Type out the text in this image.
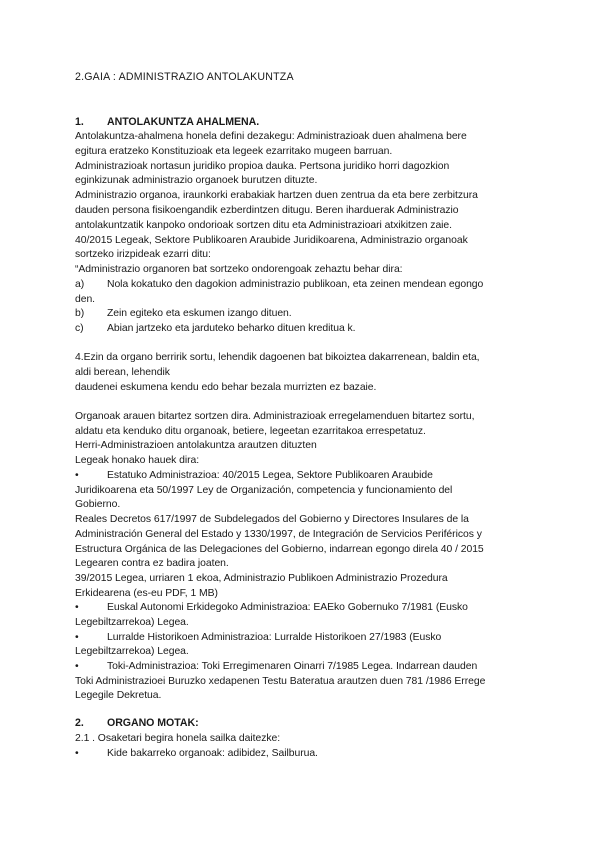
2.GAIA : ADMINISTRAZIO ANTOLAKUNTZA
1. ANTOLAKUNTZA AHALMENA.
Antolakuntza-ahalmena honela defini dezakegu: Administrazioak duen ahalmena bere
egitura eratzeko Konstituzioak eta legeek ezarritako mugeen barruan.
Administrazioak nortasun juridiko propioa dauka. Pertsona juridiko horri dagozkion
eginkizunak administrazio organoek burutzen dituzte.
Administrazio organoa, iraunkorki erabakiak hartzen duen zentrua da eta bere zerbitzura
dauden persona fisikoengandik ezberdintzen ditugu. Beren iharduerak Administrazio
antolakuntzatik kanpoko ondorioak sortzen ditu eta Administrazioari atxikitzen zaie.
40/2015 Legeak, Sektore Publikoaren Araubide Juridikoarena, Administrazio organoak
sortzeko irizpideak ezarri ditu:
“Administrazio organoren bat sortzeko ondorengoak zehaztu behar dira:
a) Nola kokatuko den dagokion administrazio publikoan, eta zeinen mendean egongo
den.
b) Zein egiteko eta eskumen izango dituen.
c) Abian jartzeko eta jarduteko beharko dituen kreditua k.
4.Ezin da organo berririk sortu, lehendik dagoenen bat bikoiztea dakarrenean, baldin eta,
aldi berean, lehendik
daudenei eskumena kendu edo behar bezala murrizten ez bazaie.
Organoak arauen bitartez sortzen dira. Administrazioak erregelamenduen bitartez sortu,
aldatu eta kenduko ditu organoak, betiere, legeetan ezarritakoa errespetatuz.
Herri-Administrazioen antolakuntza arautzen dituzten
Legeak honako hauek dira:
•	Estatuko Administrazioa: 40/2015 Legea, Sektore Publikoaren Araubide
Juridikoarena eta 50/1997 Ley de Organización, competencia y funcionamiento del
Gobierno.
Reales Decretos 617/1997 de Subdelegados del Gobierno y Directores Insulares de la
Administración General del Estado y 1330/1997, de Integración de Servicios Periféricos y
Estructura Orgánica de las Delegaciones del Gobierno, indarrean egongo direla 40 / 2015
Legearen contra ez badira joaten.
39/2015 Legea, urriaren 1 ekoa, Administrazio Publikoen Administrazio Prozedura
Erkidearena (es-eu PDF, 1 MB)
•	Euskal Autonomi Erkidegoko Administrazioa: EAEko Gobernuko 7/1981 (Eusko
Legebiltzarrekoa) Legea.
•	Lurralde Historikoen Administrazioa: Lurralde Historikoen 27/1983 (Eusko
Legebiltzarrekoa) Legea.
•	Toki-Administrazioa: Toki Erregimenaren Oinarri 7/1985 Legea. Indarrean dauden
Toki Administrazioei Buruzko xedapenen Testu Bateratua arautzen duen 781 /1986 Errege
Legegile Dekretua.
2. ORGANO MOTAK:
2.1 . Osaketari begira honela sailka daitezke:
•	Kide bakarreko organoak: adibidez, Sailburua.
